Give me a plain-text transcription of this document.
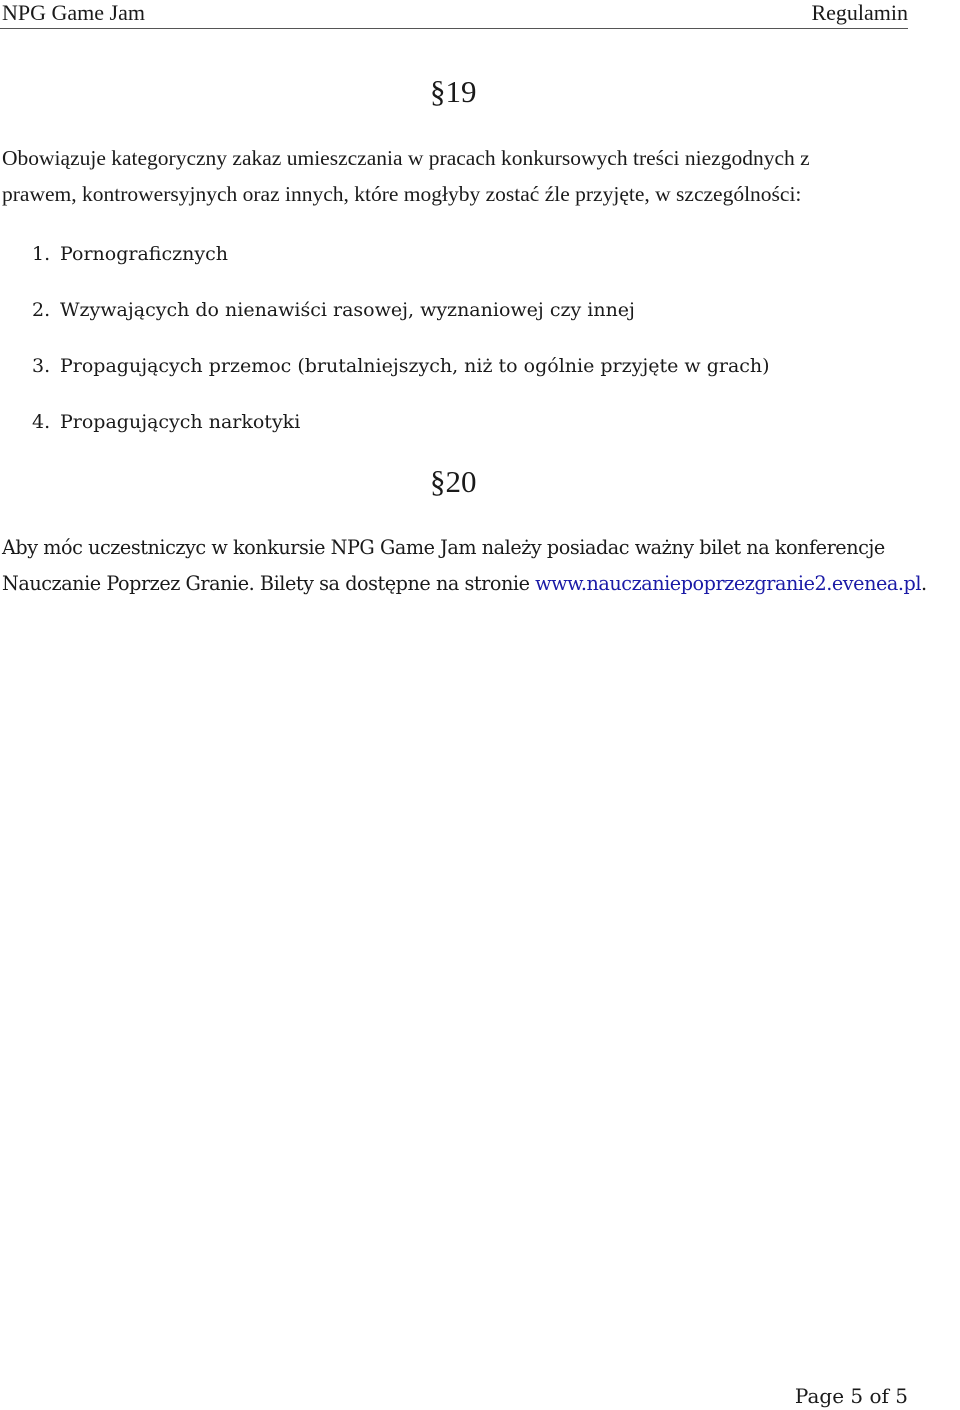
NPG Game Jam	Regulamin
§19

Obowiązuje kategoryczny zakaz umieszczania w pracach konkursowych treści niezgodnych z
prawem, kontrowersyjnych oraz innych, które mogłyby zostać źle przyjęte, w szczególności:

1. Pornograficznych
2. Wzywających do nienawiści rasowej, wyznaniowej czy innej
3. Propagujących przemoc (brutalniejszych, niż to ogólnie przyjęte w grach)
4. Propagujących narkotyki
§20

Aby móc uczestniczyc w konkursie NPG Game Jam należy posiadac ważny bilet na konferencje
Nauczanie Poprzez Granie. Bilety sa dostępne na stronie www.nauczaniepoprzezgranie2.evenea.pl.

Page 5 of 5
